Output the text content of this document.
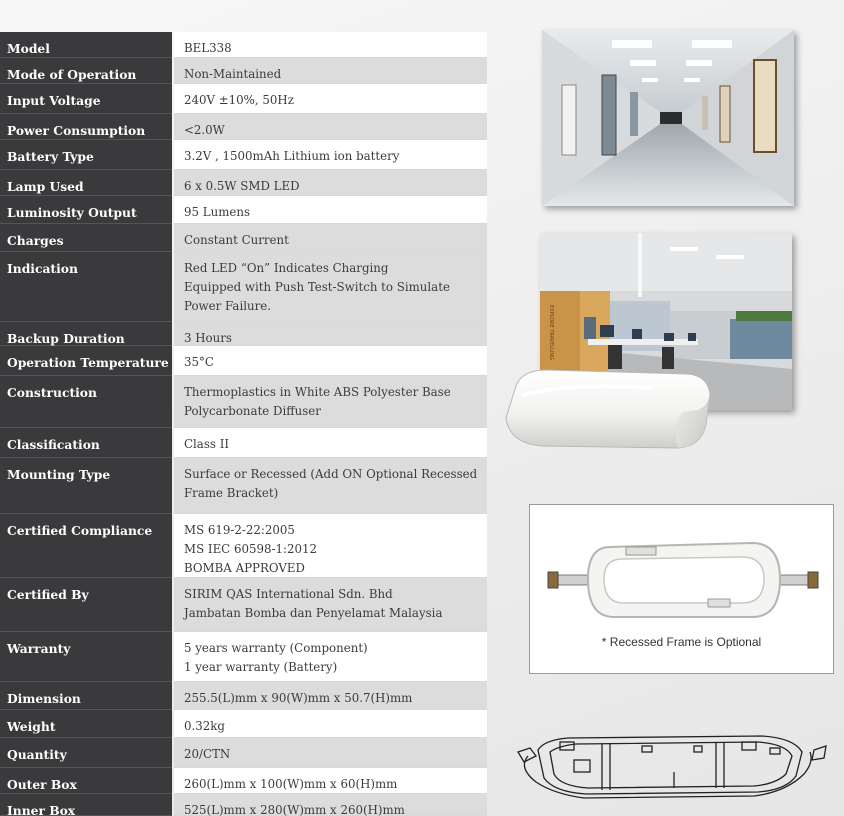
Model	BEL338
Mode of Operation	Non-Maintained
Input Voltage	240V ±10%, 50Hz
Power Consumption	<2.0W
Battery Type	3.2V , 1500mAh Lithium ion battery
Lamp Used	6 x 0.5W SMD LED
Luminosity Output	95 Lumens
Charges	Constant Current
Indication	Red LED “On” Indicates Charging
Equipped with Push Test-Switch to Simulate
Power Failure.
Backup Duration	3 Hours
Operation Temperature 35°C
Construction	Thermoplastics in White ABS Polyester Base
Polycarbonate Diffuser
Classification	Class II
Mounting Type	Surface or Recessed (Add ON Optional Recessed
Frame Bracket)
Certified Compliance	MS 619-2-22:2005
MS IEC 60598-1:2012
BOMBA APPROVED
Certified By	SIRIM QAS International Sdn. Bhd
Jambatan Bomba dan Penyelamat Malaysia
Warranty	5 years warranty (Component)
1 year warranty (Battery)
Dimension	255.5(L)mm x 90(W)mm x 50.7(H)mm
Weight	0.32kg
Quantity	20/CTN
Outer Box	260(L)mm x 100(W)mm x 60(H)mm
Inner Box	525(L)mm x 280(W)mm x 260(H)mm
EXPLORE TRAVELLING
* Recessed Frame is Optional
